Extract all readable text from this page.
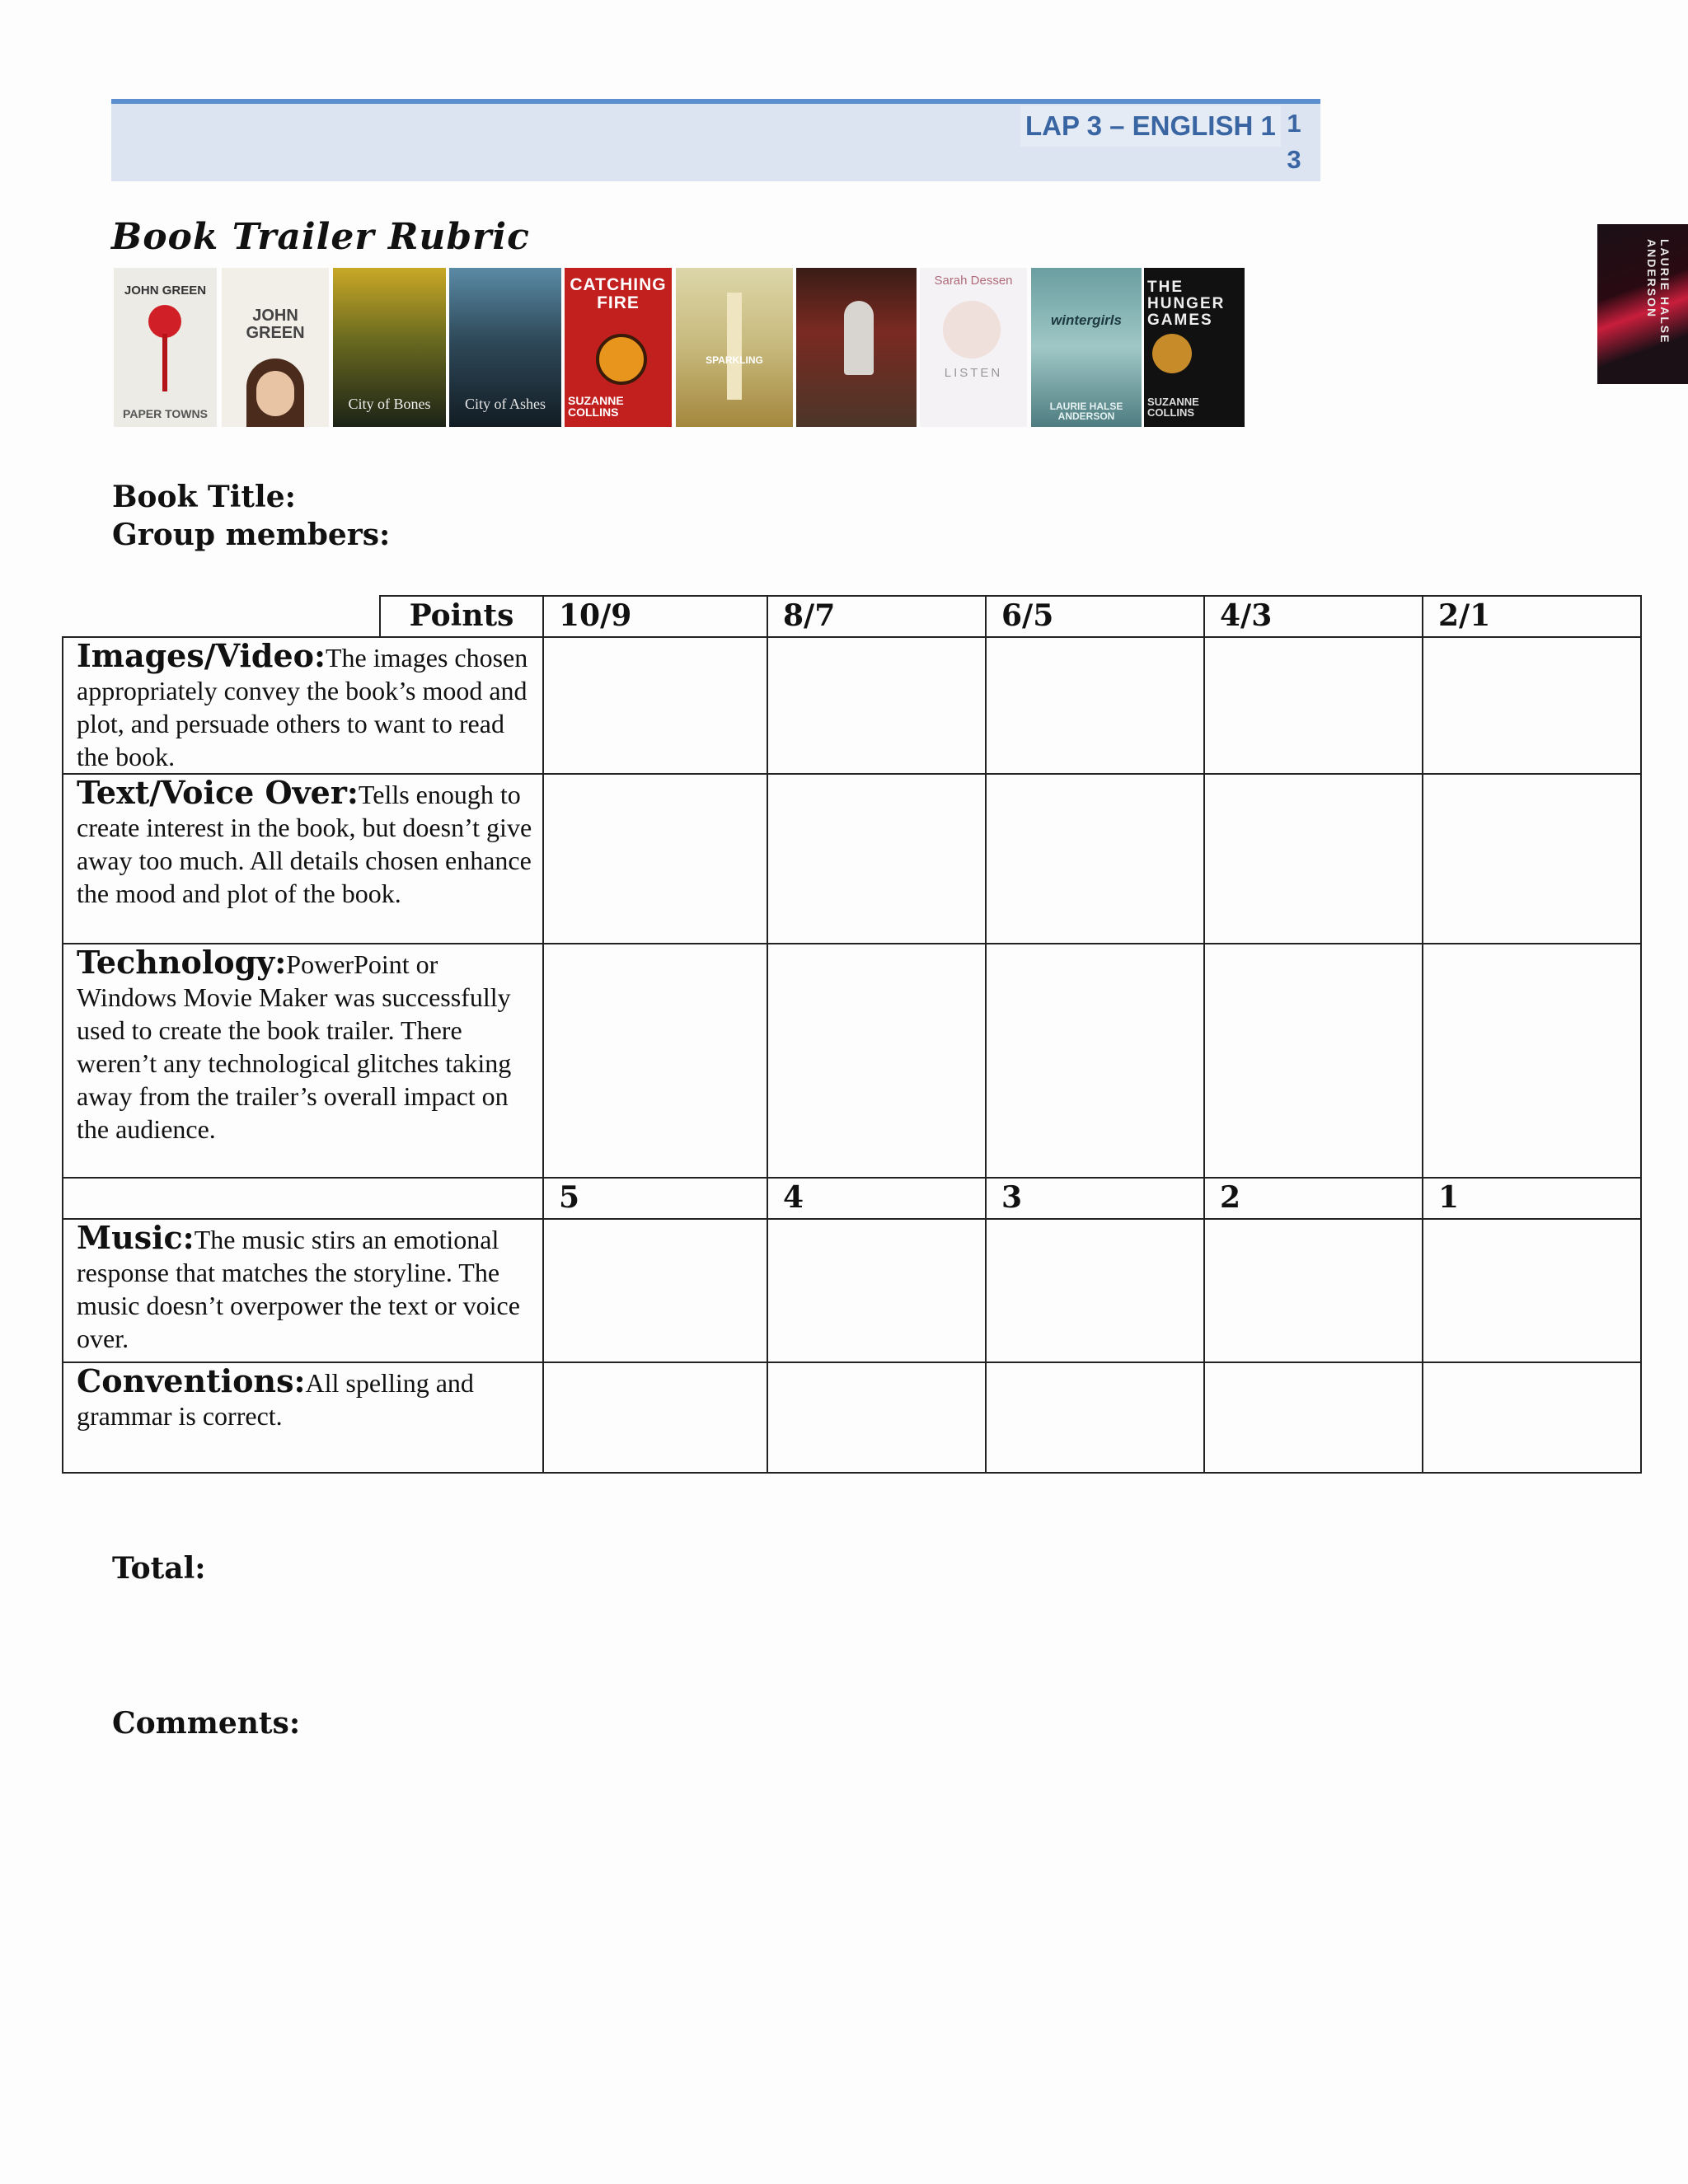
LAP 3 – ENGLISH 1 1
3
Book Trailer Rubric
JOHN GREEN
PAPER TOWNS
JOHN GREEN
City of Bones	City of Ashes
CATCHING FIRE
SUZANNE COLLINS
SPARKLING
Sarah Dessen
LISTEN
wintergirls
LAURIE HALSE ANDERSON
THE HUNGER GAMES
SUZANNE COLLINS
LAURIE HALSE ANDERSON
Book Title:
Group members:
	Points	10/9	8/7	6/5	4/3	2/1
Images/Video:The images chosen appropriately convey the book’s mood and plot, and persuade others to want to read the book.						
Text/Voice Over:Tells enough to create interest in the book, but doesn’t give away too much. All details chosen enhance the mood and plot of the book.						
Technology:PowerPoint or Windows Movie Maker was successfully used to create the book trailer. There weren’t any technological glitches taking away from the trailer’s overall impact on the audience.						
		5	4	3	2	1
Music:The music stirs an emotional response that matches the storyline. The music doesn’t overpower the text or voice over.						
Conventions:All spelling and grammar is correct.						
Total:
Comments:
